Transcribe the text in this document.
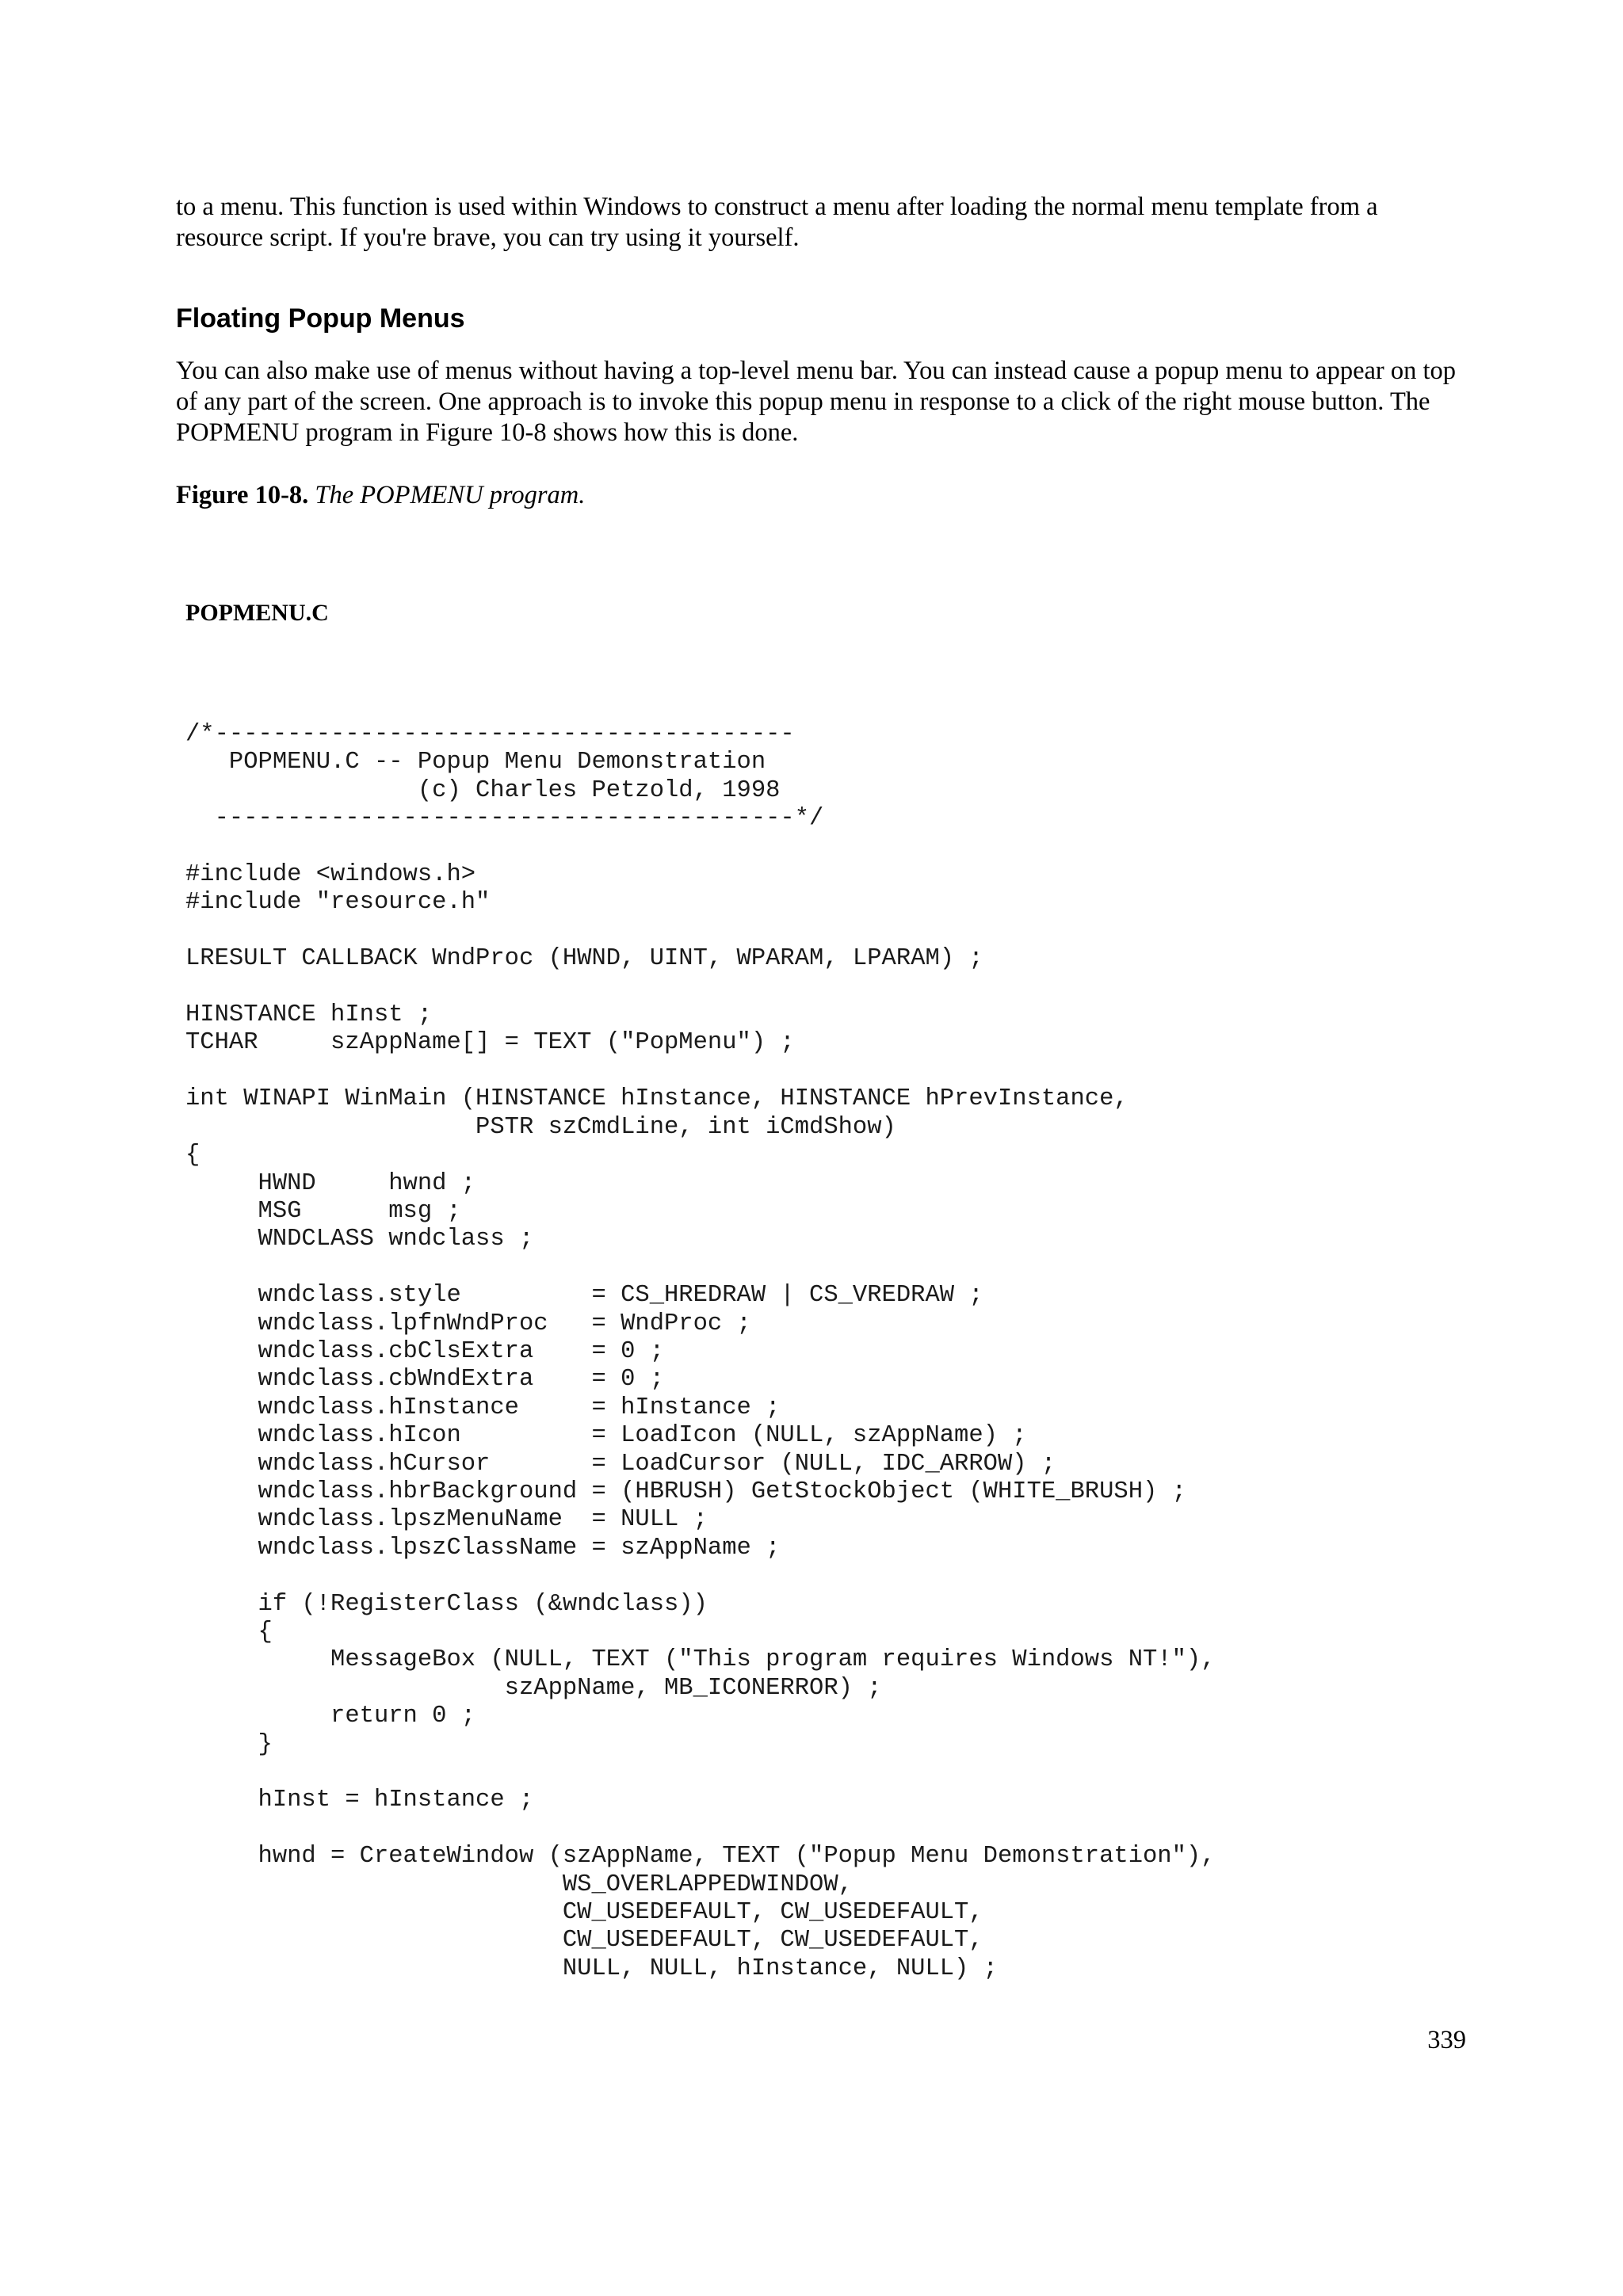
to a menu. This function is used within Windows to construct a menu after loading the normal menu template from a resource script. If you're brave, you can try using it yourself.

Floating Popup Menus

You can also make use of menus without having a top-level menu bar. You can instead cause a popup menu to appear on top of any part of the screen. One approach is to invoke this popup menu in response to a click of the right mouse button. The POPMENU program in Figure 10-8 shows how this is done.

Figure 10-8. The POPMENU program.

POPMENU.C

/*----------------------------------------
POPMENU.C -- Popup Menu Demonstration
(c) Charles Petzold, 1998
----------------------------------------*/

#include <windows.h>
#include "resource.h"

LRESULT CALLBACK WndProc (HWND, UINT, WPARAM, LPARAM) ;

HINSTANCE hInst ;
TCHAR     szAppName[] = TEXT ("PopMenu") ;

int WINAPI WinMain (HINSTANCE hInstance, HINSTANCE hPrevInstance,
PSTR szCmdLine, int iCmdShow)
{
HWND     hwnd ;
MSG      msg ;
WNDCLASS wndclass ;

wndclass.style         = CS_HREDRAW | CS_VREDRAW ;
wndclass.lpfnWndProc   = WndProc ;
wndclass.cbClsExtra    = 0 ;
wndclass.cbWndExtra    = 0 ;
wndclass.hInstance     = hInstance ;
wndclass.hIcon         = LoadIcon (NULL, szAppName) ;
wndclass.hCursor       = LoadCursor (NULL, IDC_ARROW) ;
wndclass.hbrBackground = (HBRUSH) GetStockObject (WHITE_BRUSH) ;
wndclass.lpszMenuName  = NULL ;
wndclass.lpszClassName = szAppName ;

if (!RegisterClass (&wndclass))
{
MessageBox (NULL, TEXT ("This program requires Windows NT!"),
szAppName, MB_ICONERROR) ;
return 0 ;
}

hInst = hInstance ;

hwnd = CreateWindow (szAppName, TEXT ("Popup Menu Demonstration"),
WS_OVERLAPPEDWINDOW,
CW_USEDEFAULT, CW_USEDEFAULT,
CW_USEDEFAULT, CW_USEDEFAULT,
NULL, NULL, hInstance, NULL) ;

339
